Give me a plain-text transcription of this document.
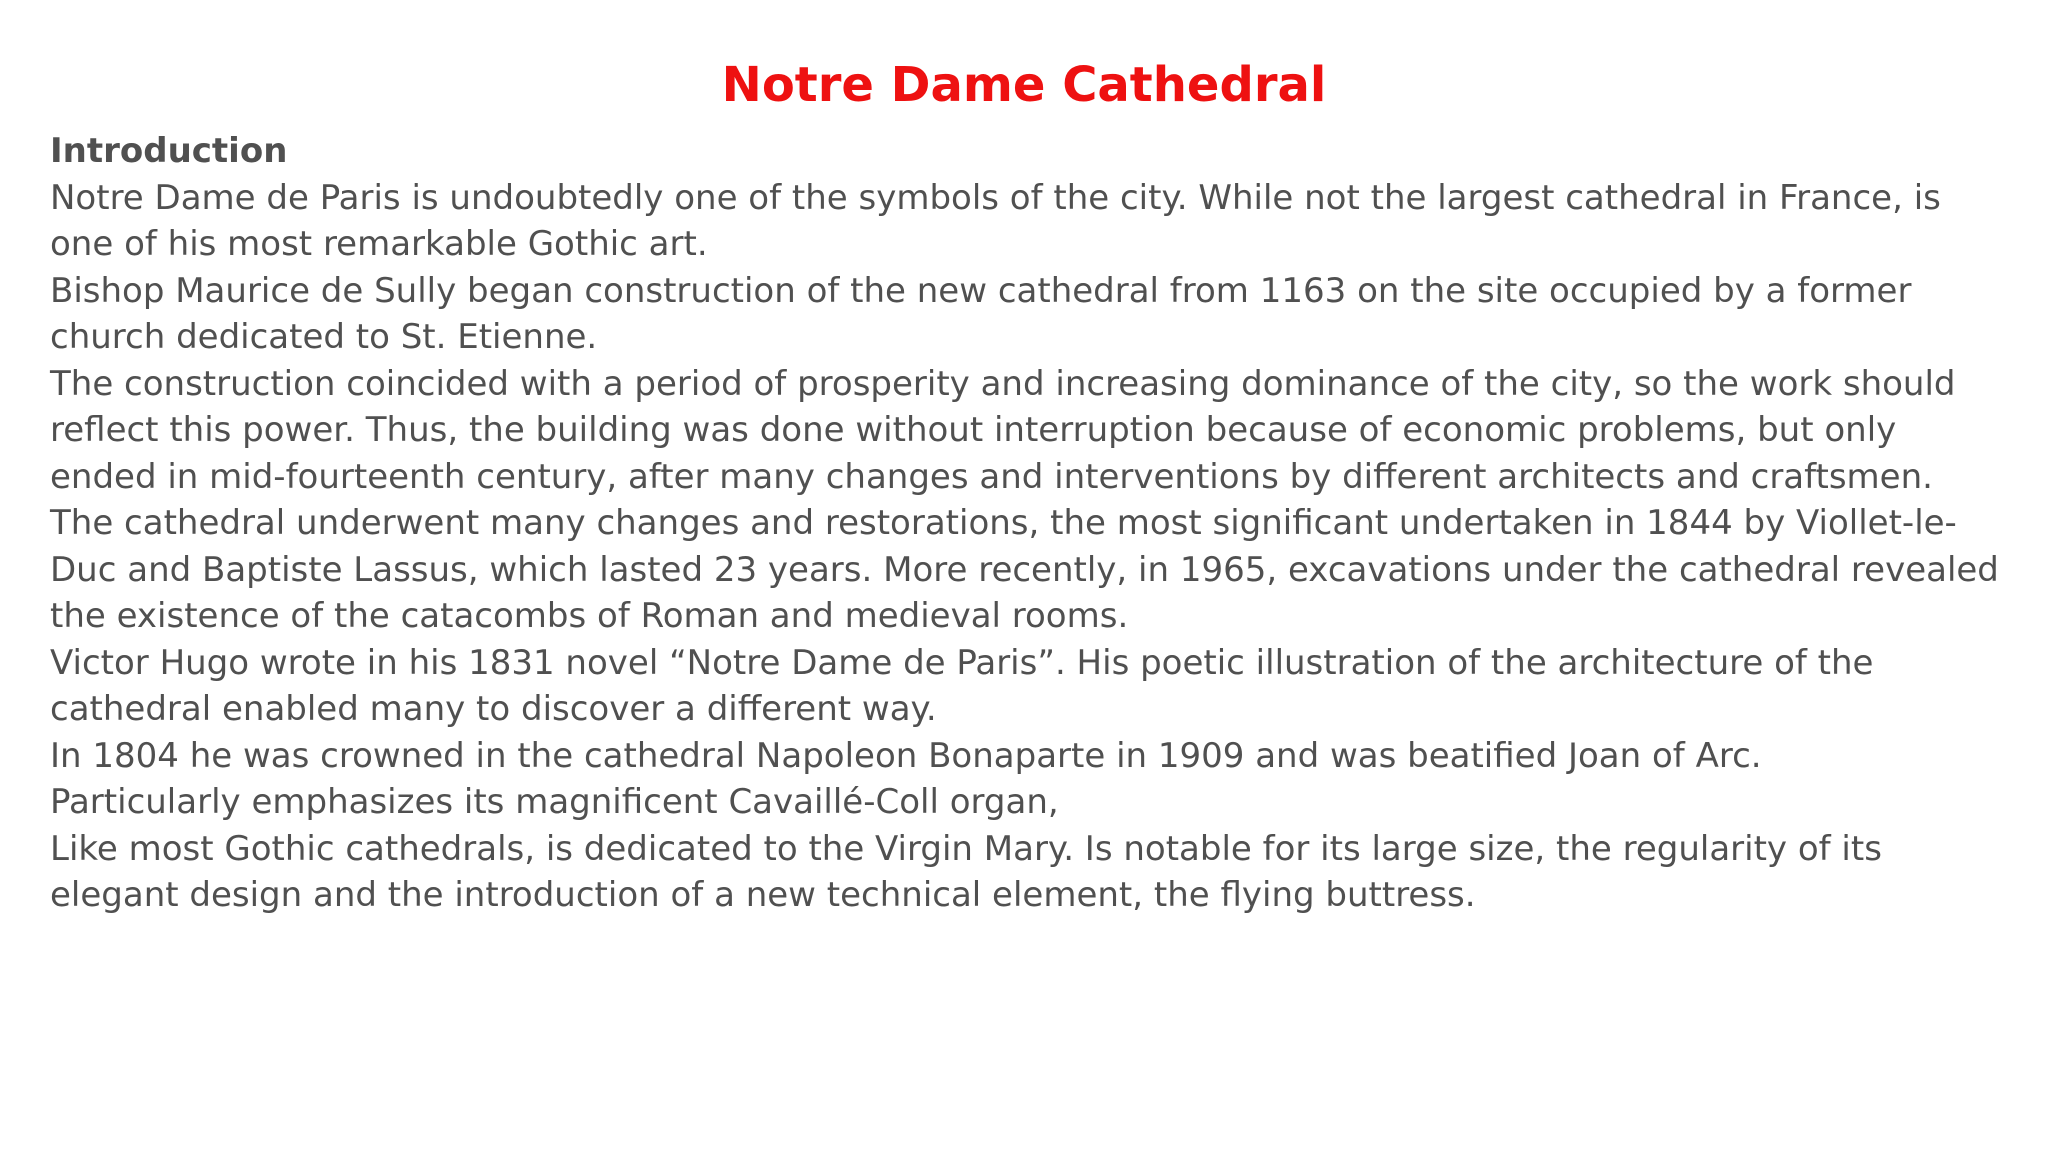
Notre Dame Cathedral

Introduction

Notre Dame de Paris is undoubtedly one of the symbols of the city. While not the largest cathedral in France, is one of his most remarkable Gothic art.

Bishop Maurice de Sully began construction of the new cathedral from 1163 on the site occupied by a former church dedicated to St. Etienne.

The construction coincided with a period of prosperity and increasing dominance of the city, so the work should reflect this power. Thus, the building was done without interruption because of economic problems, but only ended in mid-fourteenth century, after many changes and interventions by different architects and craftsmen.

The cathedral underwent many changes and restorations, the most significant undertaken in 1844 by Viollet-le-Duc and Baptiste Lassus, which lasted 23 years. More recently, in 1965, excavations under the cathedral revealed the existence of the catacombs of Roman and medieval rooms.

Victor Hugo wrote in his 1831 novel “Notre Dame de Paris”. His poetic illustration of the architecture of the cathedral enabled many to discover a different way.

In 1804 he was crowned in the cathedral Napoleon Bonaparte in 1909 and was beatified Joan of Arc.

Particularly emphasizes its magnificent Cavaillé-Coll organ,

Like most Gothic cathedrals, is dedicated to the Virgin Mary. Is notable for its large size, the regularity of its elegant design and the introduction of a new technical element, the flying buttress.
